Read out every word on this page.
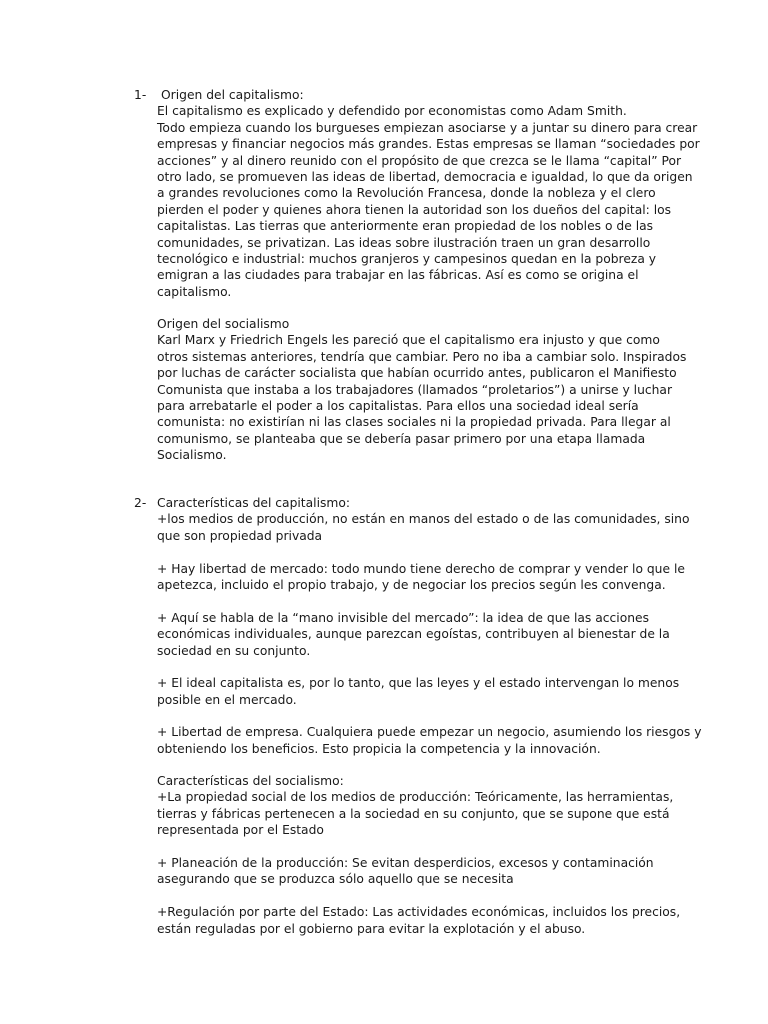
1-	Origen del capitalismo:
El capitalismo es explicado y defendido por economistas como Adam Smith.
Todo empieza cuando los burgueses empiezan asociarse y a juntar su dinero para crear
empresas y financiar negocios más grandes. Estas empresas se llaman “sociedades por
acciones” y al dinero reunido con el propósito de que crezca se le llama “capital” Por
otro lado, se promueven las ideas de libertad, democracia e igualdad, lo que da origen
a grandes revoluciones como la Revolución Francesa, donde la nobleza y el clero
pierden el poder y quienes ahora tienen la autoridad son los dueños del capital: los
capitalistas. Las tierras que anteriormente eran propiedad de los nobles o de las
comunidades, se privatizan. Las ideas sobre ilustración traen un gran desarrollo
tecnológico e industrial: muchos granjeros y campesinos quedan en la pobreza y
emigran a las ciudades para trabajar en las fábricas. Así es como se origina el
capitalismo.
Origen del socialismo
Karl Marx y Friedrich Engels les pareció que el capitalismo era injusto y que como
otros sistemas anteriores, tendría que cambiar. Pero no iba a cambiar solo. Inspirados
por luchas de carácter socialista que habían ocurrido antes, publicaron el Manifiesto
Comunista que instaba a los trabajadores (llamados “proletarios”) a unirse y luchar
para arrebatarle el poder a los capitalistas. Para ellos una sociedad ideal sería
comunista: no existirían ni las clases sociales ni la propiedad privada. Para llegar al
comunismo, se planteaba que se debería pasar primero por una etapa llamada
Socialismo.
2- Características del capitalismo:
+los medios de producción, no están en manos del estado o de las comunidades, sino
que son propiedad privada
+ Hay libertad de mercado: todo mundo tiene derecho de comprar y vender lo que le
apetezca, incluido el propio trabajo, y de negociar los precios según les convenga.
+ Aquí se habla de la “mano invisible del mercado”: la idea de que las acciones
económicas individuales, aunque parezcan egoístas, contribuyen al bienestar de la
sociedad en su conjunto.
+ El ideal capitalista es, por lo tanto, que las leyes y el estado intervengan lo menos
posible en el mercado.
+ Libertad de empresa. Cualquiera puede empezar un negocio, asumiendo los riesgos y
obteniendo los beneficios. Esto propicia la competencia y la innovación.
Características del socialismo:
+La propiedad social de los medios de producción: Teóricamente, las herramientas,
tierras y fábricas pertenecen a la sociedad en su conjunto, que se supone que está
representada por el Estado
+ Planeación de la producción: Se evitan desperdicios, excesos y contaminación
asegurando que se produzca sólo aquello que se necesita
+Regulación por parte del Estado: Las actividades económicas, incluidos los precios,
están reguladas por el gobierno para evitar la explotación y el abuso.
